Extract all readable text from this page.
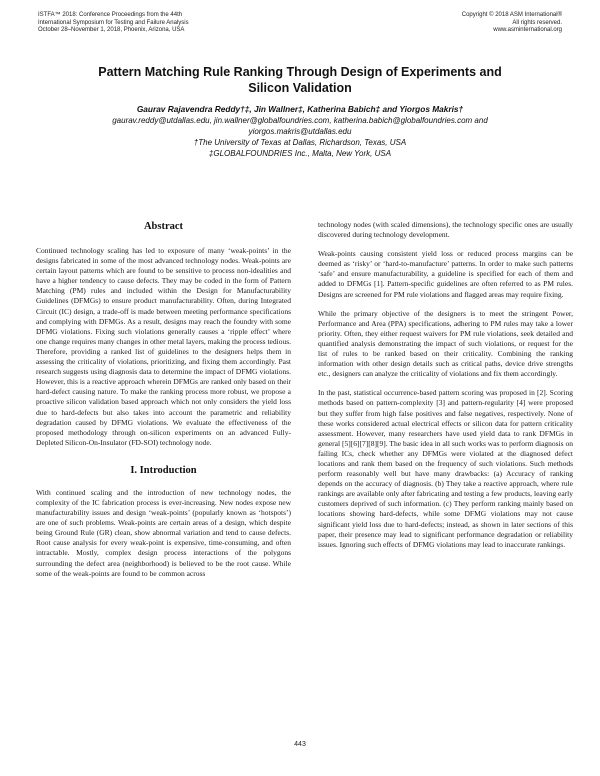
ISTFA™ 2018: Conference Proceedings from the 44th
International Symposium for Testing and Failure Analysis
October 28–November 1, 2018, Phoenix, Arizona, USA
Copyright © 2018 ASM International®
All rights reserved.
www.asminternational.org
Pattern Matching Rule Ranking Through Design of Experiments and
Silicon Validation
Gaurav Rajavendra Reddy†‡, Jin Wallner‡, Katherina Babich‡ and Yiorgos Makris†
gaurav.reddy@utdallas.edu, jin.wallner@globalfoundries.com, katherina.babich@globalfoundries.com and
yiorgos.makris@utdallas.edu
†The University of Texas at Dallas, Richardson, Texas, USA
‡GLOBALFOUNDRIES Inc., Malta, New York, USA
Abstract

Continued technology scaling has led to exposure of many ‘weak-points’ in the designs fabricated in some of the most advanced technology nodes. Weak-points are certain layout patterns which are found to be sensitive to process non-idealities and have a higher tendency to cause defects. They may be coded in the form of Pattern Matching (PM) rules and included within the Design for Manufacturability Guidelines (DFMGs) to ensure product manufacturability. Often, during Integrated Circuit (IC) design, a trade-off is made between meeting performance specifications and complying with DFMGs. As a result, designs may reach the foundry with some DFMG violations. Fixing such violations generally causes a ‘ripple effect’ where one change requires many changes in other metal layers, making the process tedious. Therefore, providing a ranked list of guidelines to the designers helps them in assessing the criticality of violations, prioritizing, and fixing them accordingly. Past research suggests using diagnosis data to determine the impact of DFMG violations. However, this is a reactive approach wherein DFMGs are ranked only based on their hard-defect causing nature. To make the ranking process more robust, we propose a proactive silicon validation based approach which not only considers the yield loss due to hard-defects but also takes into account the parametric and reliability degradation caused by DFMG violations. We evaluate the effectiveness of the proposed methodology through on-silicon experiments on an advanced Fully-Depleted Silicon-On-Insulator (FD-SOI) technology node.

I. Introduction

With continued scaling and the introduction of new technology nodes, the complexity of the IC fabrication process is ever-increasing. New nodes expose new manufacturability issues and design ‘weak-points’ (popularly known as ‘hotspots’) are one of such problems. Weak-points are certain areas of a design, which despite being Ground Rule (GR) clean, show abnormal variation and tend to cause defects. Root cause analysis for every weak-point is expensive, time-consuming, and often intractable. Mostly, complex design process interactions of the polygons surrounding the defect area (neighborhood) is believed to be the root cause. While some of the weak-points are found to be common across

technology nodes (with scaled dimensions), the technology specific ones are usually discovered during technology development.

Weak-points causing consistent yield loss or reduced process margins can be deemed as ‘risky’ or ‘hard-to-manufacture’ patterns. In order to make such patterns ‘safe’ and ensure manufacturability, a guideline is specified for each of them and added to DFMGs [1]. Pattern-specific guidelines are often referred to as PM rules. Designs are screened for PM rule violations and flagged areas may require fixing.

While the primary objective of the designers is to meet the stringent Power, Performance and Area (PPA) specifications, adhering to PM rules may take a lower priority. Often, they either request waivers for PM rule violations, seek detailed and quantified analysis demonstrating the impact of such violations, or request for the list of rules to be ranked based on their criticality. Combining the ranking information with other design details such as critical paths, device drive strengths etc., designers can analyze the criticality of violations and fix them accordingly.

In the past, statistical occurrence-based pattern scoring was proposed in [2]. Scoring methods based on pattern-complexity [3] and pattern-regularity [4] were proposed but they suffer from high false positives and false negatives, respectively. None of these works considered actual electrical effects or silicon data for pattern criticality assessment. However, many researchers have used yield data to rank DFMGs in general [5][6][7][8][9]. The basic idea in all such works was to perform diagnosis on failing ICs, check whether any DFMGs were violated at the diagnosed defect locations and rank them based on the frequency of such violations. Such methods perform reasonably well but have many drawbacks: (a) Accuracy of ranking depends on the accuracy of diagnosis. (b) They take a reactive approach, where rule rankings are available only after fabricating and testing a few products, leaving early customers deprived of such information. (c) They perform ranking mainly based on locations showing hard-defects, while some DFMG violations may not cause significant yield loss due to hard-defects; instead, as shown in later sections of this paper, their presence may lead to significant performance degradation or reliability issues. Ignoring such effects of DFMG violations may lead to inaccurate rankings.

443
